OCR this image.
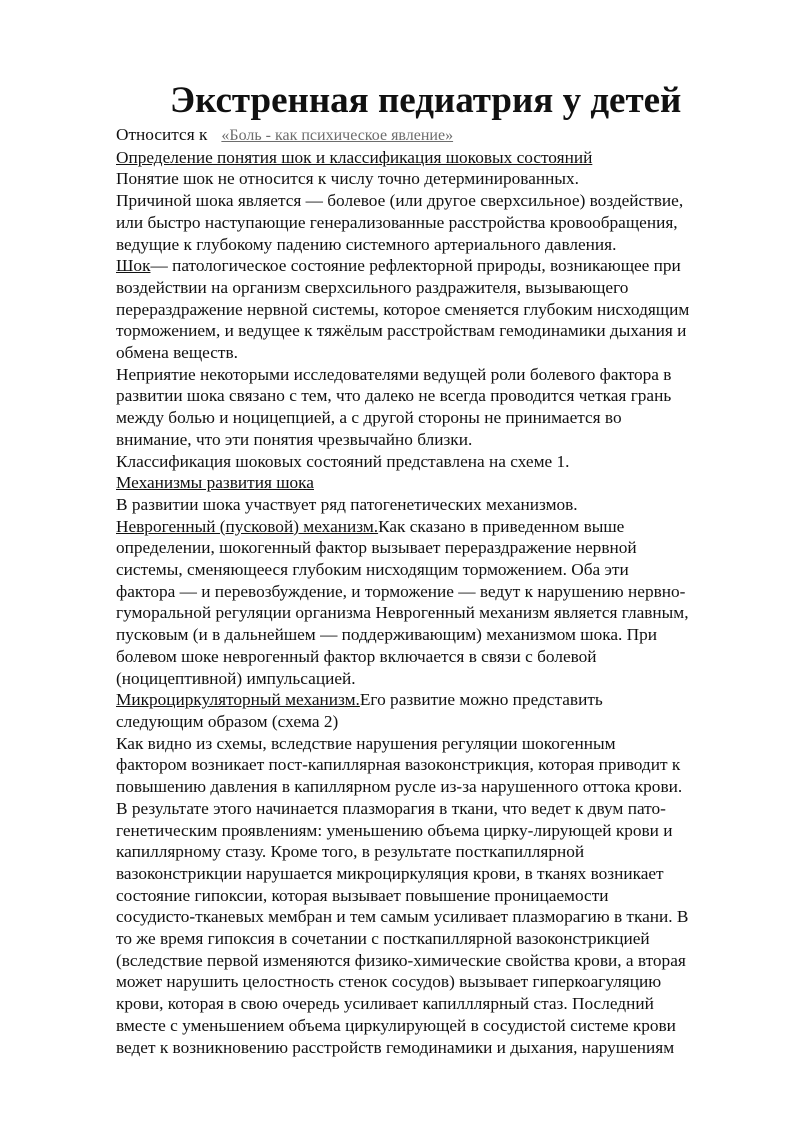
Экстренная педиатрия у детей
Относится к «Боль - как психическое явление»
Определение понятия шок и классификация шоковых состояний
Понятие шок не относится к числу точно детерминированных.
Причиной шока является — болевое (или другое сверхсильное) воздействие,
или быстро наступающие генерализованные расстройства кровообращения,
ведущие к глубокому падению системного артериального давления.
Шок— патологическое состояние рефлекторной природы, возникающее при
воздействии на организм сверхсильного раздражителя, вызывающего
перераздражение нервной системы, которое сменяется глубоким нисходящим
торможением, и ведущее к тяжёлым расстройствам гемодинамики дыхания и
обмена веществ.
Неприятие некоторыми исследователями ведущей роли болевого фактора в
развитии шока связано с тем, что далеко не всегда проводится четкая грань
между болью и ноцицепцией, а с другой стороны не принимается во
внимание, что эти понятия чрезвычайно близки.
Классификация шоковых состояний представлена на схеме 1.
Механизмы развития шока
В развитии шока участвует ряд патогенетических механизмов.
Неврогенный (пусковой) механизм.Как сказано в приведенном выше
определении, шокогенный фактор вызывает перераздражение нервной
системы, сменяющееся глубоким нисходящим торможением. Оба эти
фактора — и перевозбуждение, и торможение — ведут к нарушению нервно-
гуморальной регуляции организма Неврогенный механизм является главным,
пусковым (и в дальнейшем — поддерживающим) механизмом шока. При
болевом шоке неврогенный фактор включается в связи с болевой
(ноцицептивной) импульсацией.
Микроциркуляторный механизм.Его развитие можно представить
следующим образом (схема 2)
Как видно из схемы, вследствие нарушения регуляции шокогенным
фактором возникает пост-капиллярная вазоконстрикция, которая приводит к
повышению давления в капиллярном русле из-за нарушенного оттока крови.
В результате этого начинается плазморагия в ткани, что ведет к двум пато-
генетическим проявлениям: уменьшению объема цирку-лирующей крови и
капиллярному стазу. Кроме того, в результате посткапиллярной
вазоконстрикции нарушается микроциркуляция крови, в тканях возникает
состояние гипоксии, которая вызывает повышение проницаемости
сосудисто-тканевых мембран и тем самым усиливает плазморагию в ткани. В
то же время гипоксия в сочетании с посткапиллярной вазоконстрикцией
(вследствие первой изменяются физико-химические свойства крови, а вторая
может нарушить целостность стенок сосудов) вызывает гиперкоагуляцию
крови, которая в свою очередь усиливает капилллярный стаз. Последний
вместе с уменьшением объема циркулирующей в сосудистой системе крови
ведет к возникновению расстройств гемодинамики и дыхания, нарушениям
